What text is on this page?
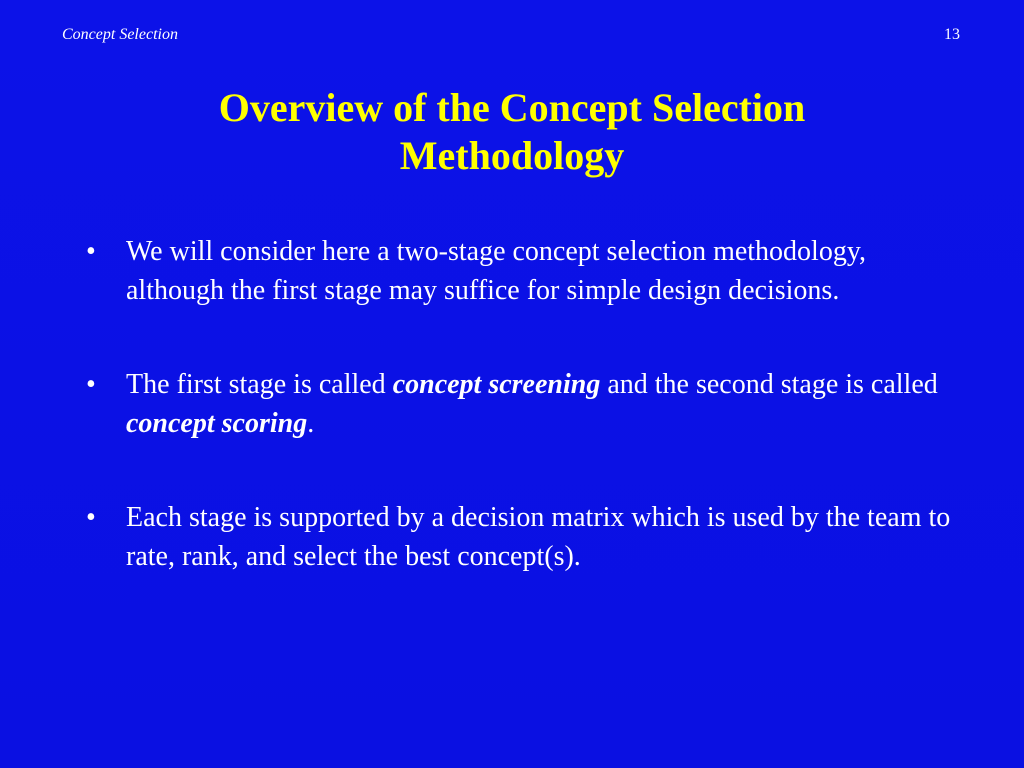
Concept Selection	13
Overview of the Concept Selection
Methodology
• We will consider here a two-stage concept selection methodology, although the first stage may suffice for simple design decisions.
• The first stage is called concept screening and the second stage is called concept scoring.
• Each stage is supported by a decision matrix which is used by the team to rate, rank, and select the best concept(s).
